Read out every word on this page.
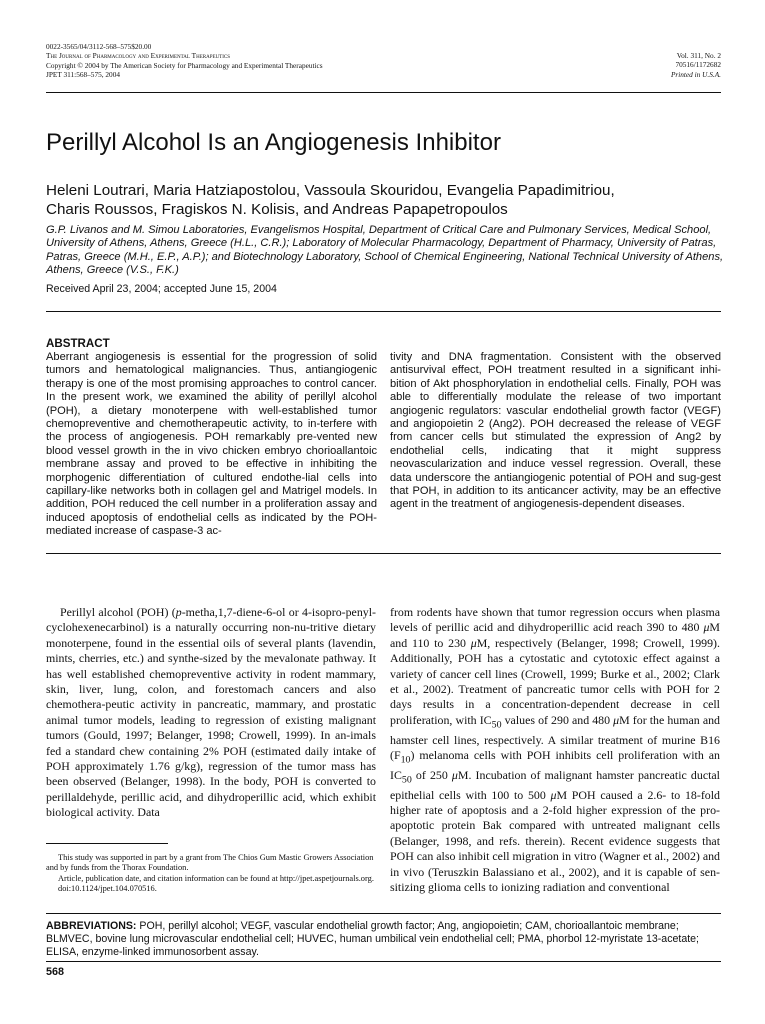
0022-3565/04/3112-568–575$20.00
The Journal of Pharmacology and Experimental Therapeutics
Copyright © 2004 by The American Society for Pharmacology and Experimental Therapeutics
JPET 311:568–575, 2004
Vol. 311, No. 2
70516/1172682
Printed in U.S.A.
Perillyl Alcohol Is an Angiogenesis Inhibitor
Heleni Loutrari, Maria Hatziapostolou, Vassoula Skouridou, Evangelia Papadimitriou,
Charis Roussos, Fragiskos N. Kolisis, and Andreas Papapetropoulos
G.P. Livanos and M. Simou Laboratories, Evangelismos Hospital, Department of Critical Care and Pulmonary Services, Medical School, University of Athens, Athens, Greece (H.L., C.R.); Laboratory of Molecular Pharmacology, Department of Pharmacy, University of Patras, Patras, Greece (M.H., E.P., A.P.); and Biotechnology Laboratory, School of Chemical Engineering, National Technical University of Athens, Athens, Greece (V.S., F.K.)
Received April 23, 2004; accepted June 15, 2004
ABSTRACT
Aberrant angiogenesis is essential for the progression of solid tumors and hematological malignancies. Thus, antiangiogenic therapy is one of the most promising approaches to control cancer. In the present work, we examined the ability of perillyl alcohol (POH), a dietary monoterpene with well-established tumor chemopreventive and chemotherapeutic activity, to in-terfere with the process of angiogenesis. POH remarkably pre-vented new blood vessel growth in the in vivo chicken embryo chorioallantoic membrane assay and proved to be effective in inhibiting the morphogenic differentiation of cultured endothe-lial cells into capillary-like networks both in collagen gel and Matrigel models. In addition, POH reduced the cell number in a proliferation assay and induced apoptosis of endothelial cells as indicated by the POH-mediated increase of caspase-3 ac-
tivity and DNA fragmentation. Consistent with the observed antisurvival effect, POH treatment resulted in a significant inhi-bition of Akt phosphorylation in endothelial cells. Finally, POH was able to differentially modulate the release of two important angiogenic regulators: vascular endothelial growth factor (VEGF) and angiopoietin 2 (Ang2). POH decreased the release of VEGF from cancer cells but stimulated the expression of Ang2 by endothelial cells, indicating that it might suppress neovascularization and induce vessel regression. Overall, these data underscore the antiangiogenic potential of POH and sug-gest that POH, in addition to its anticancer activity, may be an effective agent in the treatment of angiogenesis-dependent diseases.

Perillyl alcohol (POH) (p-metha,1,7-diene-6-ol or 4-isopro-penyl-cyclohexenecarbinol) is a naturally occurring non-nu-tritive dietary monoterpene, found in the essential oils of several plants (lavendin, mints, cherries, etc.) and synthe-sized by the mevalonate pathway. It has well established chemopreventive activity in rodent mammary, skin, liver, lung, colon, and forestomach cancers and also chemothera-peutic activity in pancreatic, mammary, and prostatic animal tumor models, leading to regression of existing malignant tumors (Gould, 1997; Belanger, 1998; Crowell, 1999). In an-imals fed a standard chew containing 2% POH (estimated daily intake of POH approximately 1.76 g/kg), regression of the tumor mass has been observed (Belanger, 1998). In the body, POH is converted to perillaldehyde, perillic acid, and dihydroperillic acid, which exhibit biological activity. Data

from rodents have shown that tumor regression occurs when plasma levels of perillic acid and dihydroperillic acid reach 390 to 480 μM and 110 to 230 μM, respectively (Belanger, 1998; Crowell, 1999). Additionally, POH has a cytostatic and cytotoxic effect against a variety of cancer cell lines (Crowell, 1999; Burke et al., 2002; Clark et al., 2002). Treatment of pancreatic tumor cells with POH for 2 days results in a concentration-dependent decrease in cell proliferation, with $IC_{50}$ values of 290 and 480 μM for the human and hamster cell lines, respectively. A similar treatment of murine B16 $(F_{10})$ melanoma cells with POH inhibits cell proliferation with an $IC_{50}$ of 250 μM. Incubation of malignant hamster pancreatic ductal epithelial cells with 100 to 500 μM POH caused a 2.6- to 18-fold higher rate of apoptosis and a 2-fold higher expression of the pro-apoptotic protein Bak compared with untreated malignant cells (Belanger, 1998, and refs. therein). Recent evidence suggests that POH can also inhibit cell migration in vitro (Wagner et al., 2002) and in vivo (Teruszkin Balassiano et al., 2002), and it is capable of sen-sitizing glioma cells to ionizing radiation and conventional

This study was supported in part by a grant from The Chios Gum Mastic Growers Association and by funds from the Thorax Foundation.
Article, publication date, and citation information can be found at http://jpet.aspetjournals.org.
doi:10.1124/jpet.104.070516.
ABBREVIATIONS: POH, perillyl alcohol; VEGF, vascular endothelial growth factor; Ang, angiopoietin; CAM, chorioallantoic membrane; BLMVEC, bovine lung microvascular endothelial cell; HUVEC, human umbilical vein endothelial cell; PMA, phorbol 12-myristate 13-acetate; ELISA, enzyme-linked immunosorbent assay.
568
